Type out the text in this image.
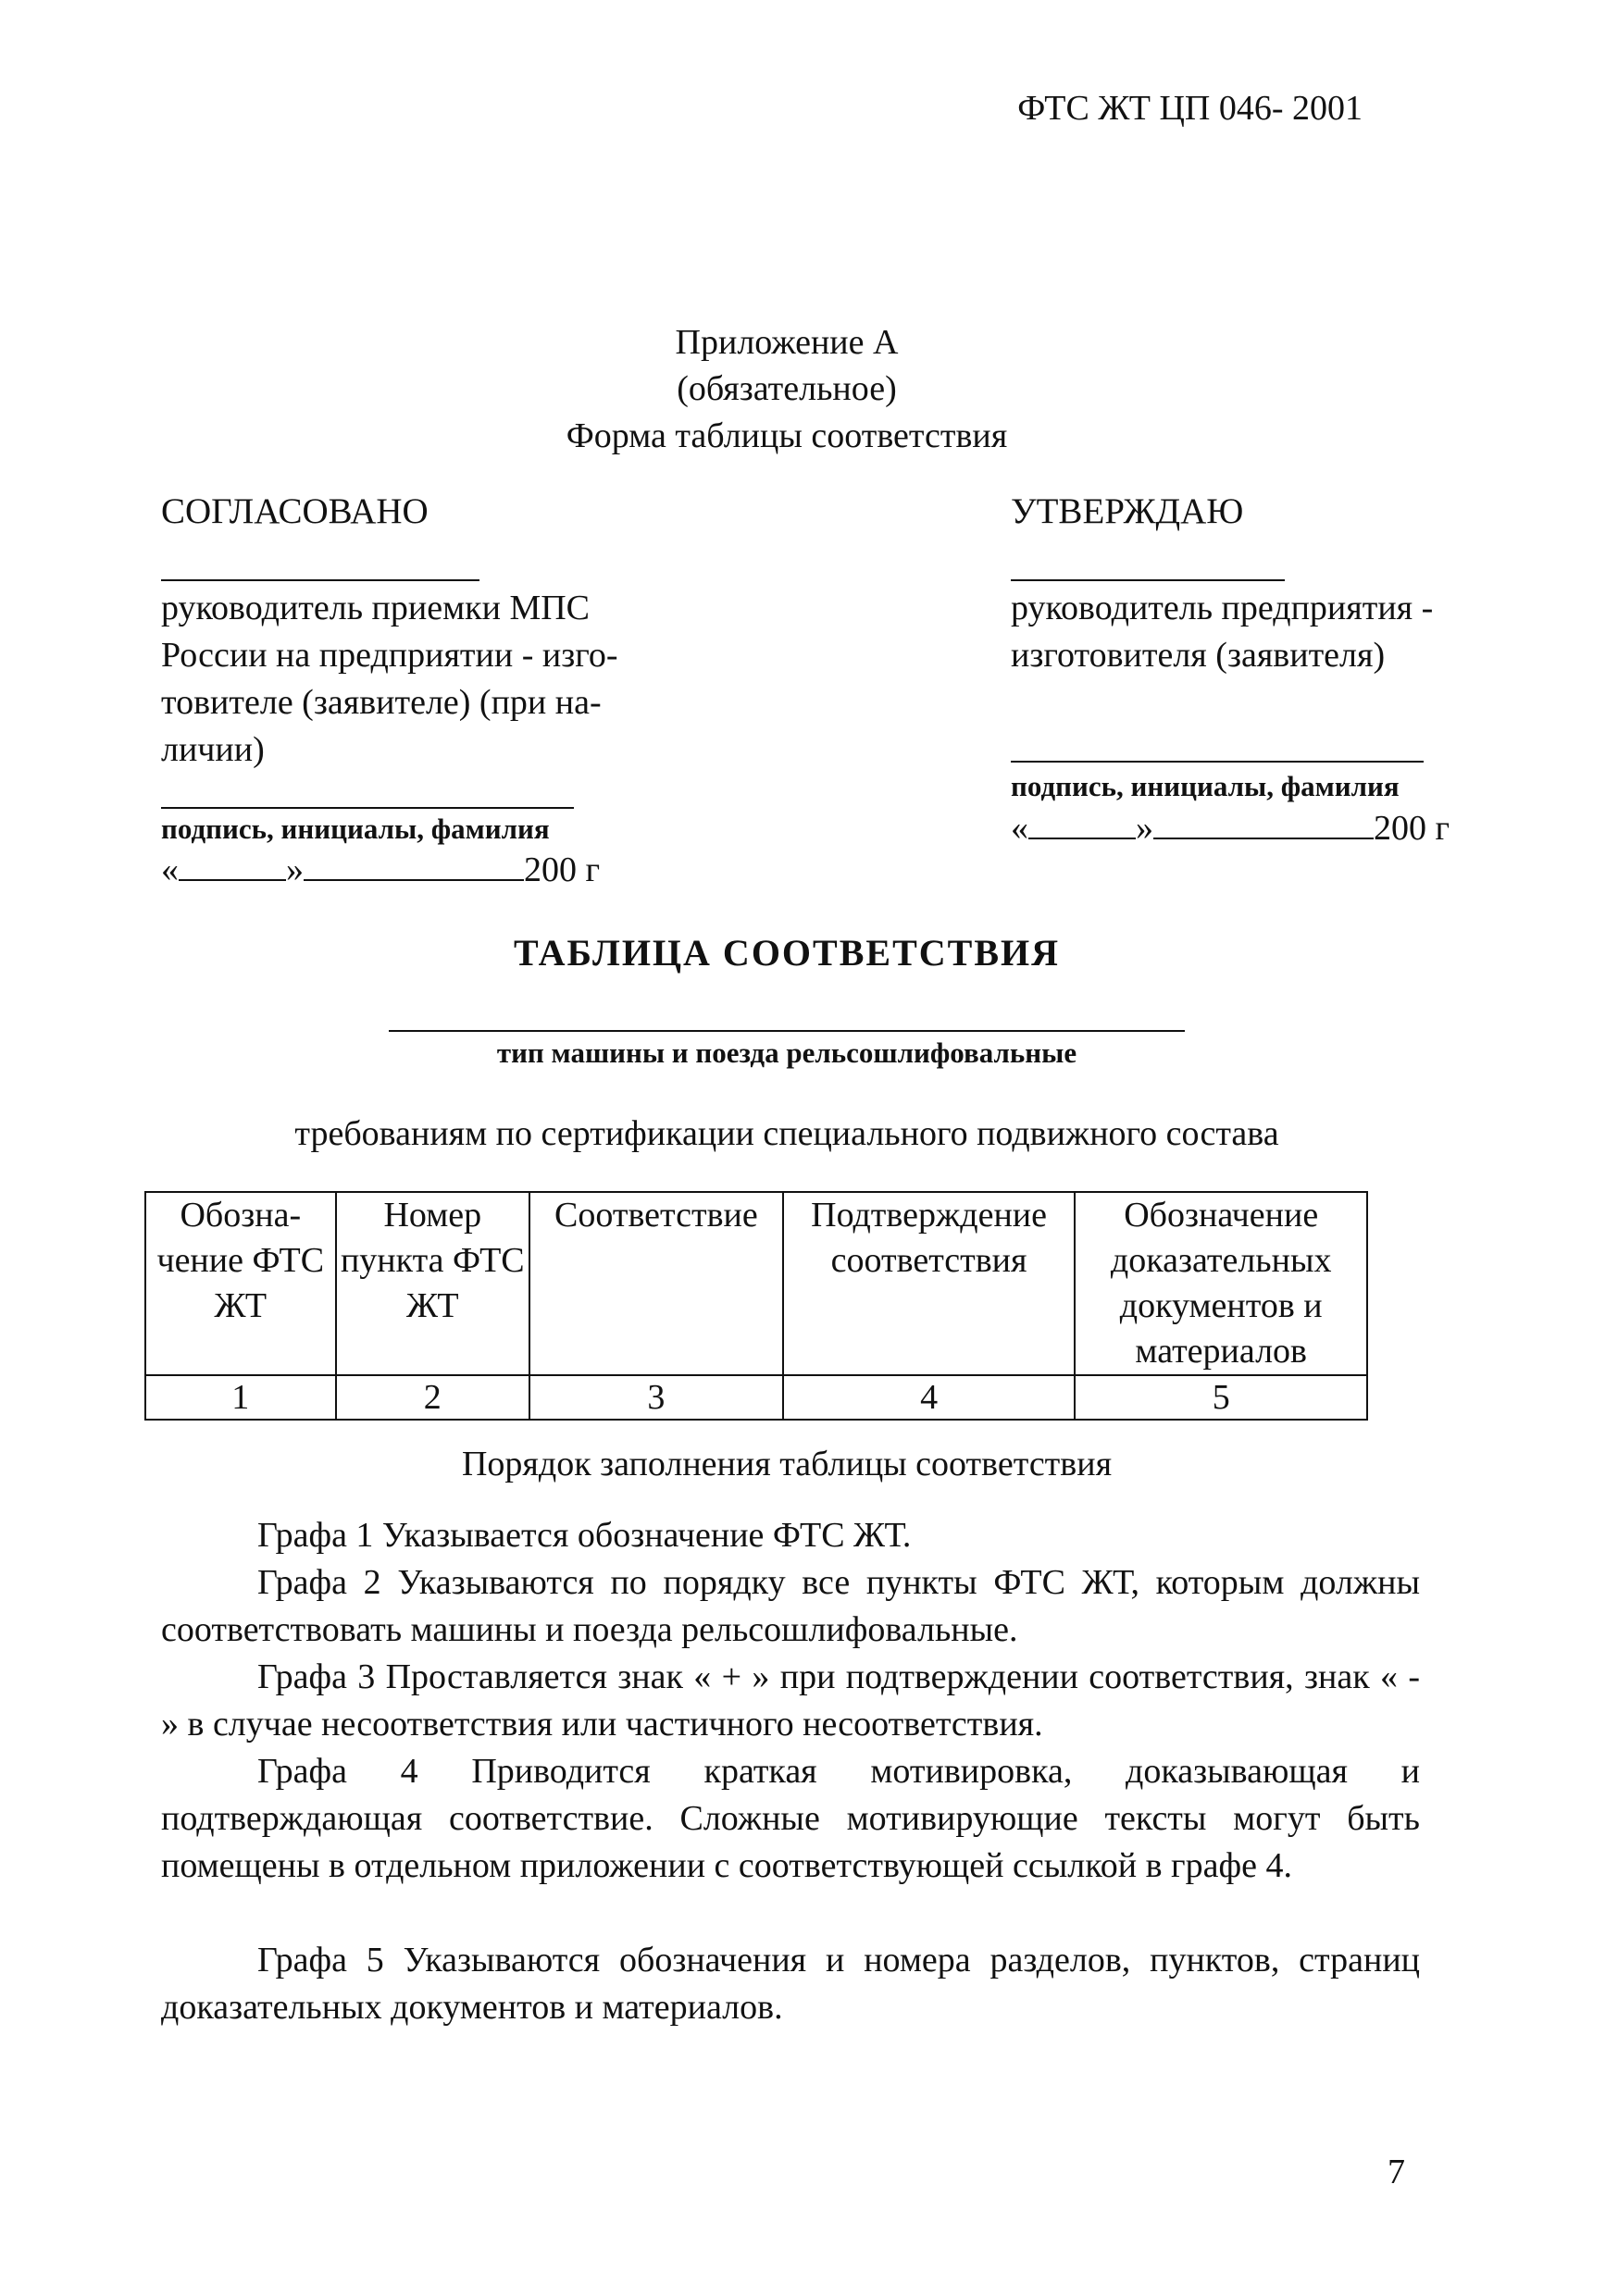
ФТС ЖТ ЦП 046- 2001
Приложение А
(обязательное)
Форма таблицы соответствия
СОГЛАСОВАНО
руководитель приемки МПС
России на предприятии - изго-
товителе (заявителе) (при на-
личии)
подпись, инициалы, фамилия
«	»	200 г
УТВЕРЖДАЮ
руководитель предприятия -
изготовителя (заявителя)
подпись, инициалы, фамилия
«	»	200 г
ТАБЛИЦА СООТВЕТСТВИЯ
тип машины и поезда рельсошлифовальные
требованиям по сертификации специального подвижного состава
Обозна-чение ФТС ЖТ	Номер пункта ФТС ЖТ	Соответствие	Подтверждение соответствия	Обозначение доказательных документов и материалов
1	2	3	4	5
Порядок заполнения таблицы соответствия
Графа 1 Указывается обозначение ФТС ЖТ.
Графа 2 Указываются по порядку все пункты ФТС ЖТ, которым должны соответствовать машины и поезда рельсошлифовальные.
Графа 3 Проставляется знак « + » при подтверждении соответствия, знак « - » в случае несоответствия или частичного несоответствия.
Графа 4 Приводится краткая мотивировка, доказывающая и подтверждающая соответствие. Сложные мотивирующие тексты могут быть помещены в отдельном приложении с соответствующей ссылкой в графе 4.
Графа 5 Указываются обозначения и номера разделов, пунктов, страниц доказательных документов и материалов.
7
